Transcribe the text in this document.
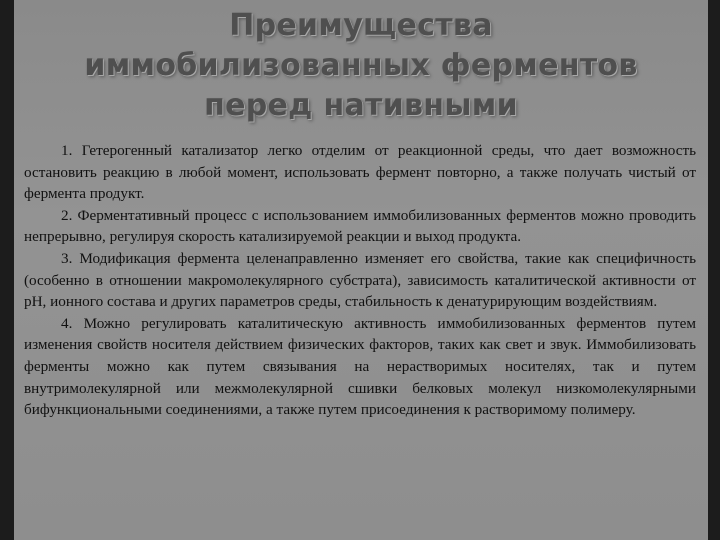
Преимущества
иммобилизованных ферментов
перед нативными

1. Гетерогенный катализатор легко отделим от реакционной среды, что дает возможность остановить реакцию в любой момент, использовать фермент повторно, а также получать чистый от фермента продукт.

2. Ферментативный процесс с использованием иммобилизованных ферментов можно проводить непрерывно, регулируя скорость катализируемой реакции и выход продукта.

3. Модификация фермента целенаправленно изменяет его свойства, такие как специфичность (особенно в отношении макромолекулярного субстрата), зависимость каталитической активности от рН, ионного состава и других параметров среды, стабильность к денатурирующим воздействиям.

4. Можно регулировать каталитическую активность иммобилизованных ферментов путем изменения свойств носителя действием физических факторов, таких как свет и звук. Иммобилизовать ферменты можно как путем связывания на нерастворимых носителях, так и путем внутримолекулярной или межмолекулярной сшивки белковых молекул низкомолекулярными бифункциональными соединениями, а также путем присоединения к растворимому полимеру.
